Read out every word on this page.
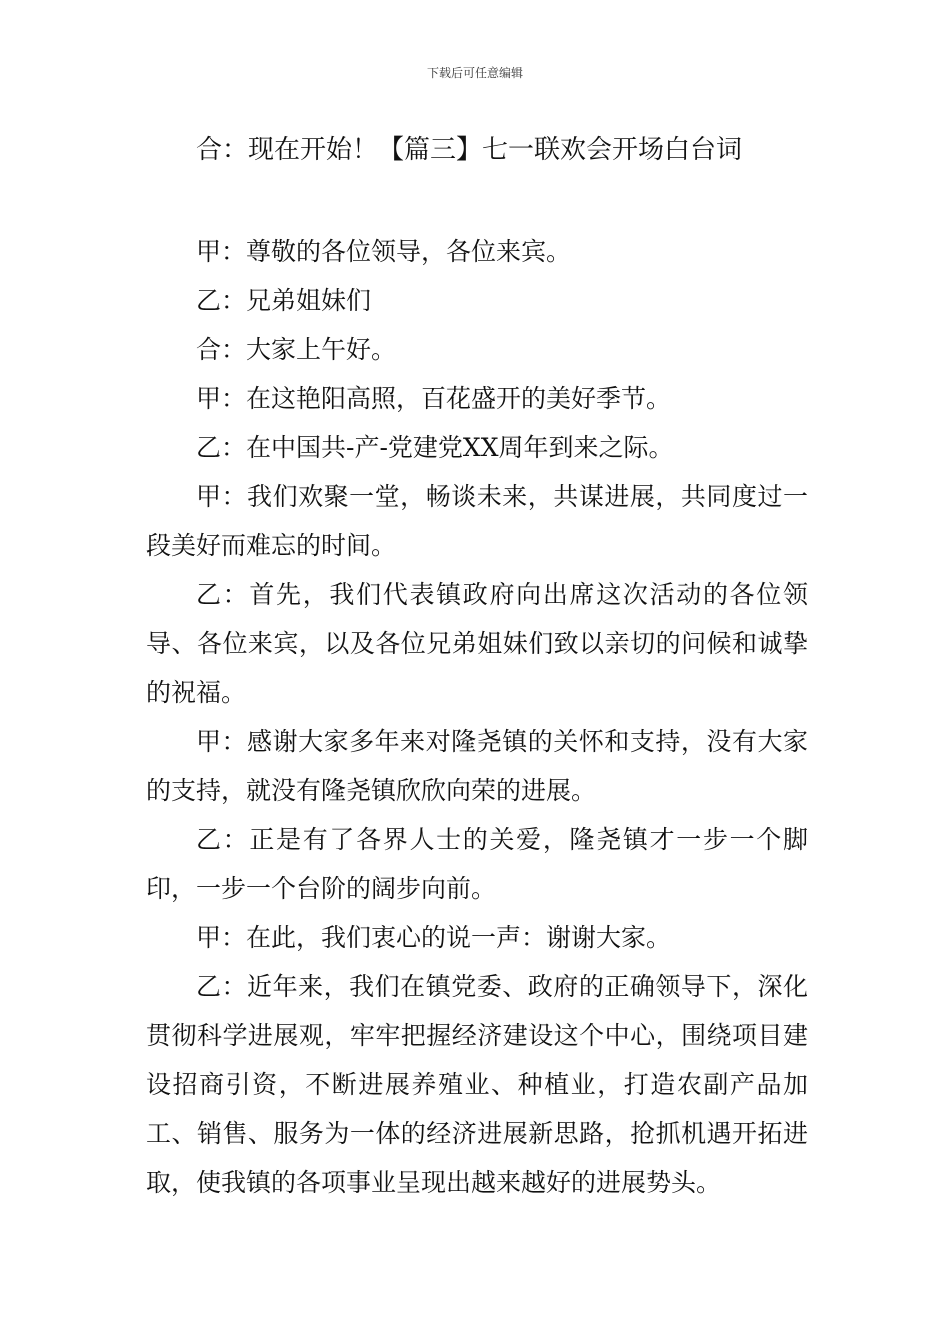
下载后可任意编辑
合：现在开始！【篇三】七一联欢会开场白台词

甲：尊敬的各位领导，各位来宾。

乙：兄弟姐妹们

合：大家上午好。

甲：在这艳阳高照，百花盛开的美好季节。

乙：在中国共-产-党建党XX周年到来之际。

甲：我们欢聚一堂，畅谈未来，共谋进展，共同度过一段美好而难忘的时间。

乙：首先，我们代表镇政府向出席这次活动的各位领导、各位来宾，以及各位兄弟姐妹们致以亲切的问候和诚挚的祝福。

甲：感谢大家多年来对隆尧镇的关怀和支持，没有大家的支持，就没有隆尧镇欣欣向荣的进展。

乙：正是有了各界人士的关爱，隆尧镇才一步一个脚印，一步一个台阶的阔步向前。

甲：在此，我们衷心的说一声：谢谢大家。

乙：近年来，我们在镇党委、政府的正确领导下，深化贯彻科学进展观，牢牢把握经济建设这个中心，围绕项目建设招商引资，不断进展养殖业、种植业，打造农副产品加工、销售、服务为一体的经济进展新思路，抢抓机遇开拓进取，使我镇的各项事业呈现出越来越好的进展势头。
